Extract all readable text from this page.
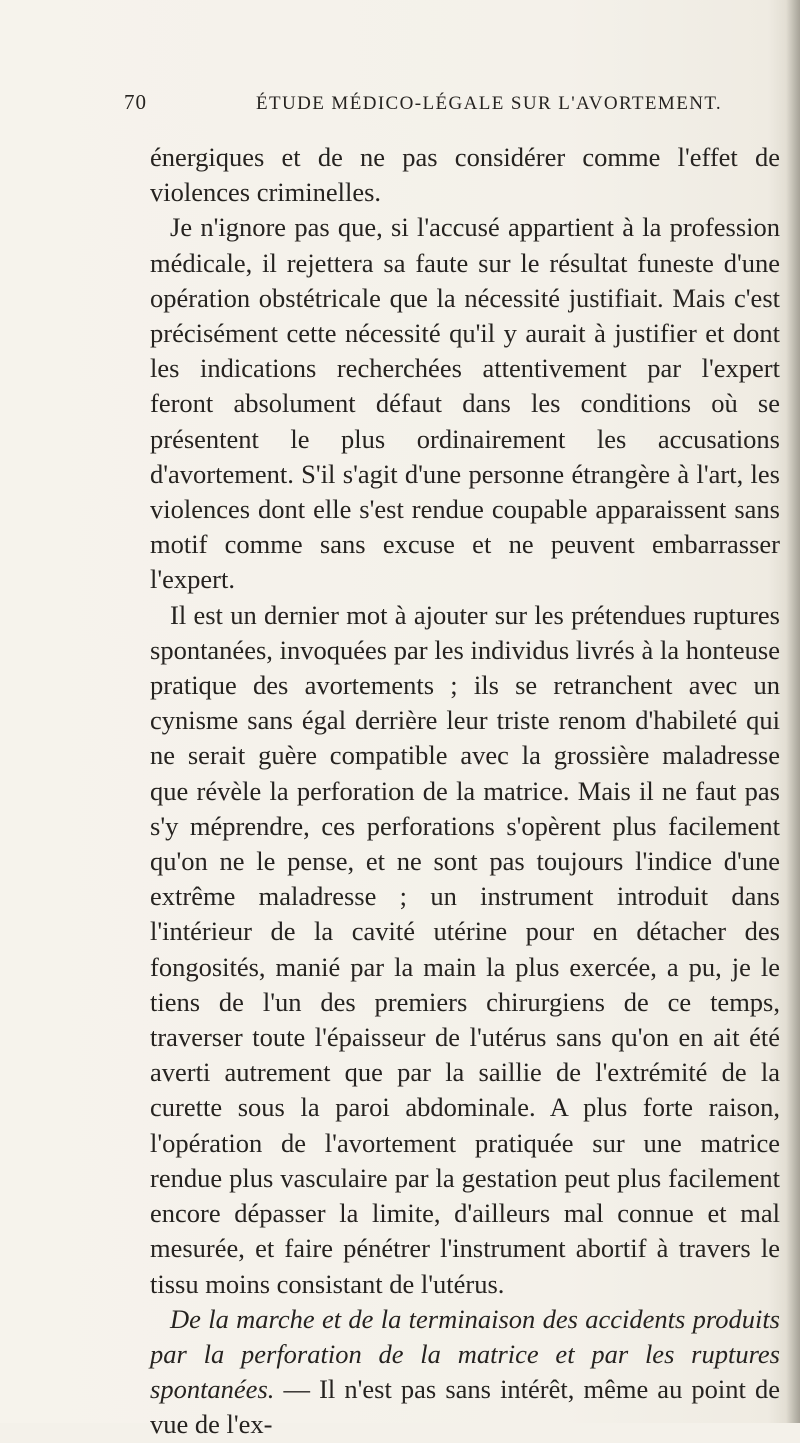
70	ÉTUDE MÉDICO-LÉGALE SUR L'AVORTEMENT.

énergiques et de ne pas considérer comme l'effet de violences criminelles.

Je n'ignore pas que, si l'accusé appartient à la profession médicale, il rejettera sa faute sur le résultat funeste d'une opération obstétricale que la nécessité justifiait. Mais c'est précisément cette nécessité qu'il y aurait à justifier et dont les indications recherchées attentivement par l'expert feront absolument défaut dans les conditions où se présentent le plus ordinairement les accusations d'avortement. S'il s'agit d'une personne étrangère à l'art, les violences dont elle s'est rendue coupable apparaissent sans motif comme sans excuse et ne peuvent embarrasser l'expert.

Il est un dernier mot à ajouter sur les prétendues ruptures spontanées, invoquées par les individus livrés à la honteuse pratique des avortements ; ils se retranchent avec un cynisme sans égal derrière leur triste renom d'habileté qui ne serait guère compatible avec la grossière maladresse que révèle la perforation de la matrice. Mais il ne faut pas s'y méprendre, ces perforations s'opèrent plus facilement qu'on ne le pense, et ne sont pas toujours l'indice d'une extrême maladresse ; un instrument introduit dans l'intérieur de la cavité utérine pour en détacher des fongosités, manié par la main la plus exercée, a pu, je le tiens de l'un des premiers chirurgiens de ce temps, traverser toute l'épaisseur de l'utérus sans qu'on en ait été averti autrement que par la saillie de l'extrémité de la curette sous la paroi abdominale. A plus forte raison, l'opération de l'avortement pratiquée sur une matrice rendue plus vasculaire par la gestation peut plus facilement encore dépasser la limite, d'ailleurs mal connue et mal mesurée, et faire pénétrer l'instrument abortif à travers le tissu moins consistant de l'utérus.

De la marche et de la terminaison des accidents produits par la perforation de la matrice et par les ruptures spontanées. — Il n'est pas sans intérêt, même au point de vue de l'ex-
